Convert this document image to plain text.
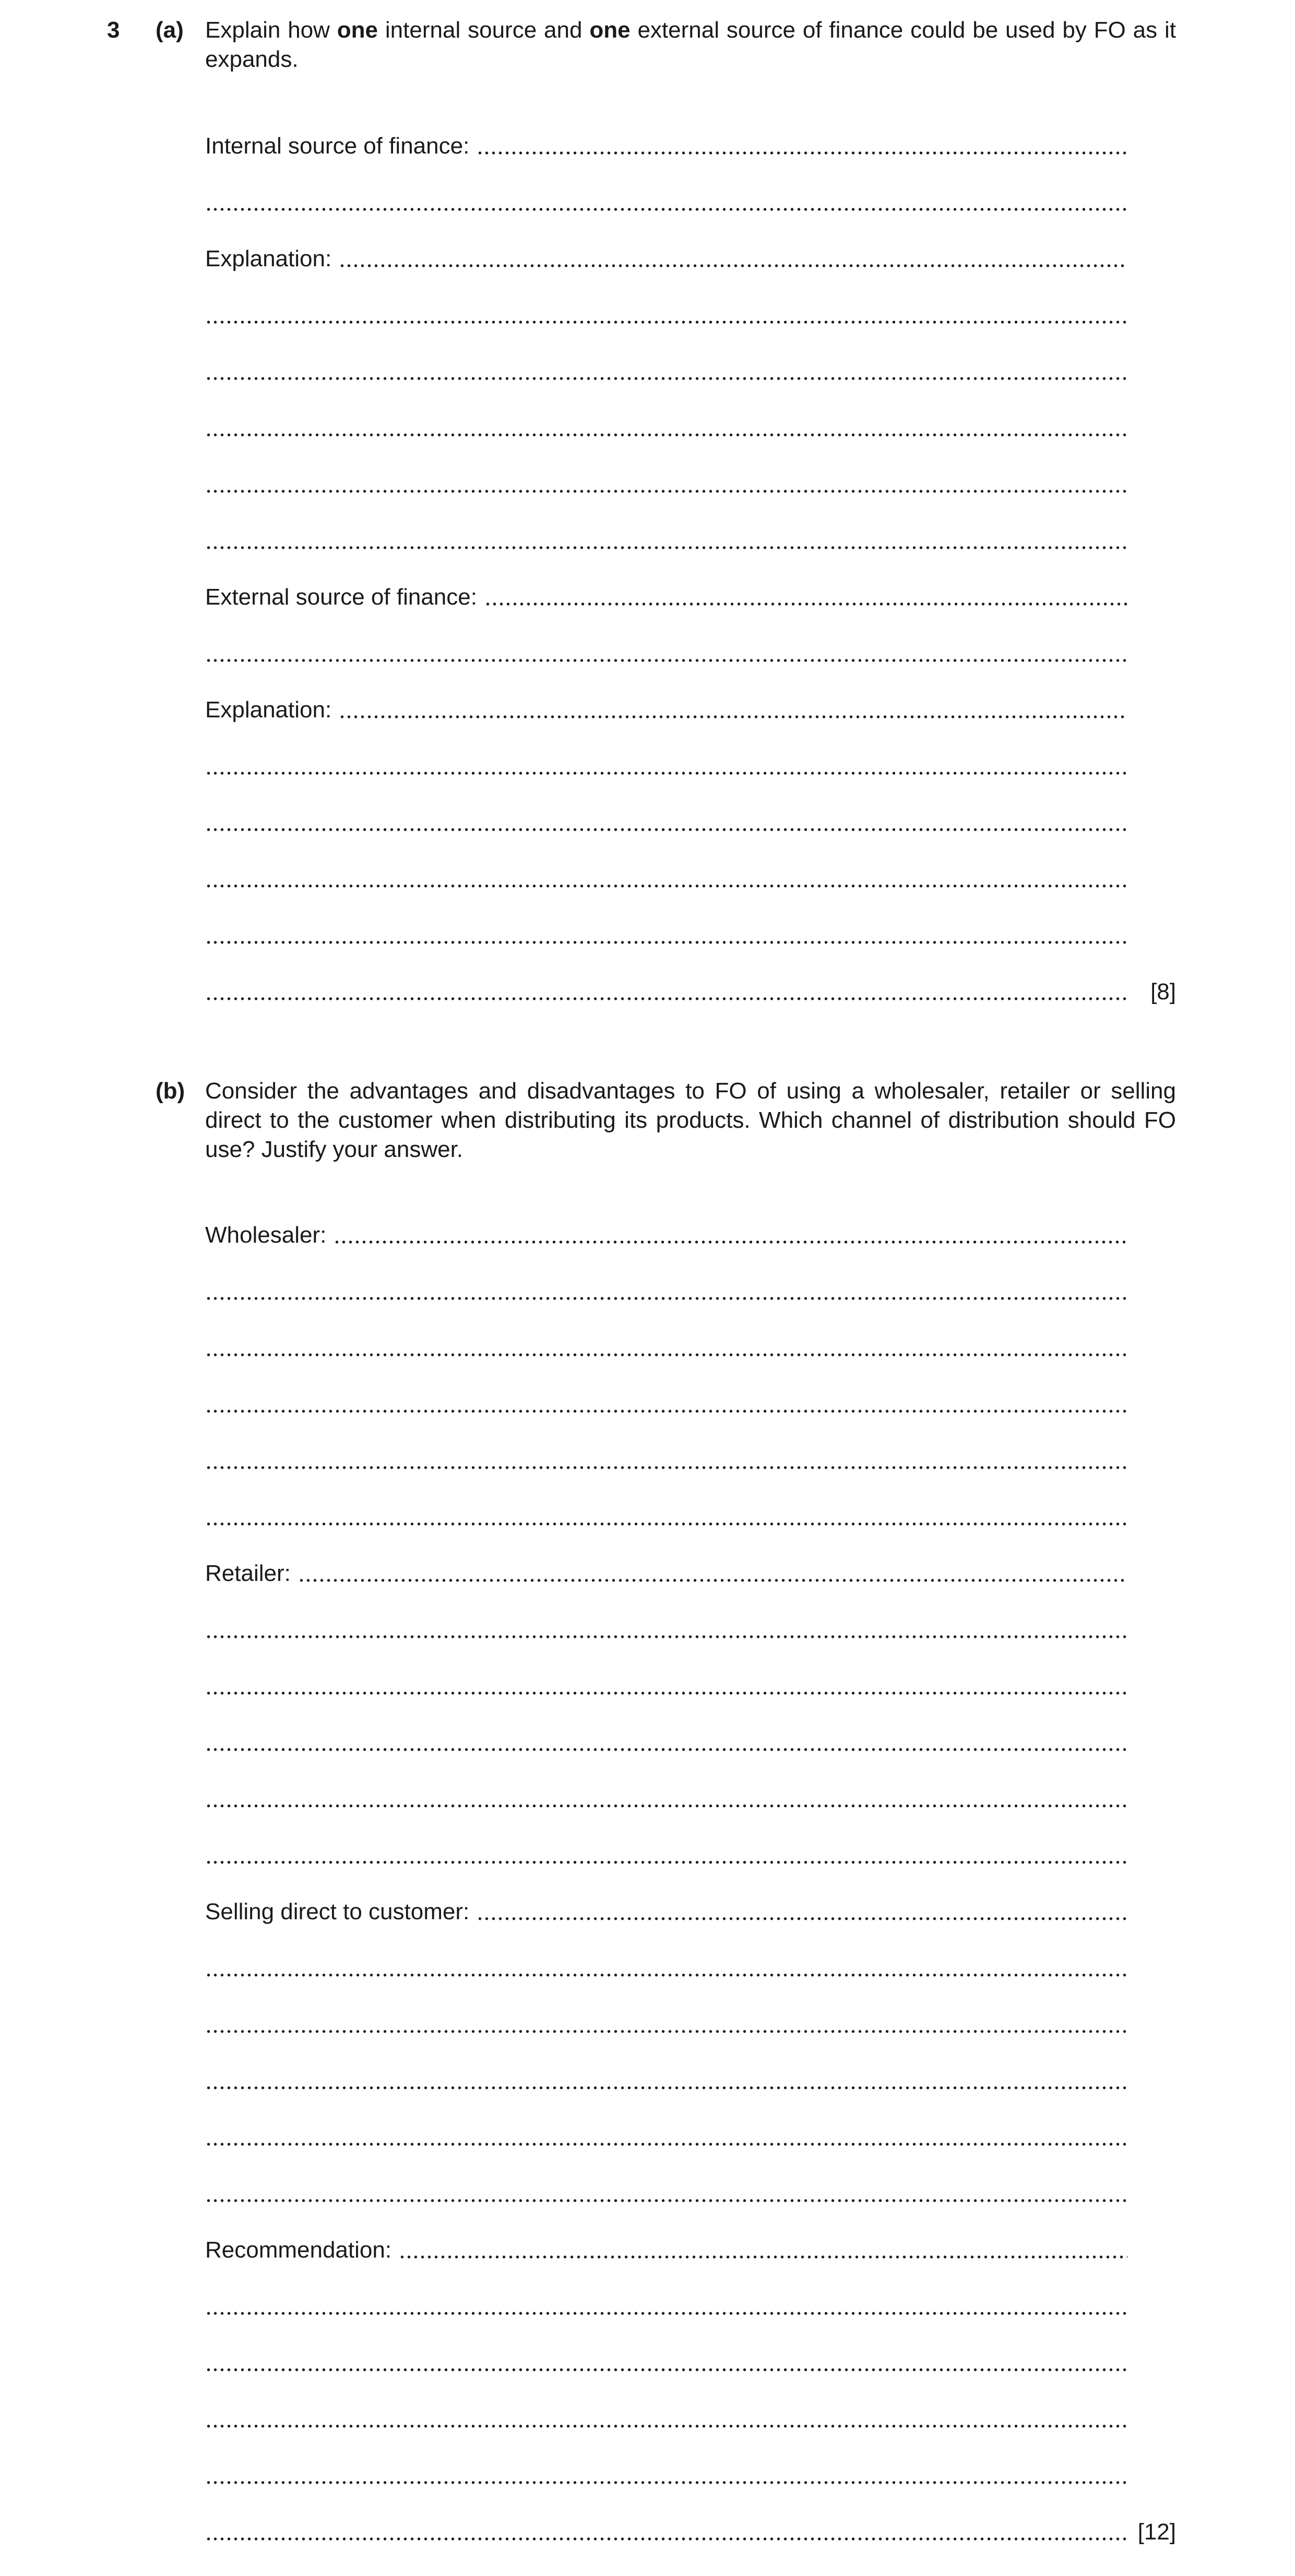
3 (a) Explain how one internal source and one external source of finance could be used by FO as it expands.
Internal source of finance:
Explanation:
External source of finance:
Explanation:
[8]
(b) Consider the advantages and disadvantages to FO of using a wholesaler, retailer or selling direct to the customer when distributing its products. Which channel of distribution should FO use? Justify your answer.
Wholesaler:
Retailer:
Selling direct to customer:
Recommendation:
[12]
